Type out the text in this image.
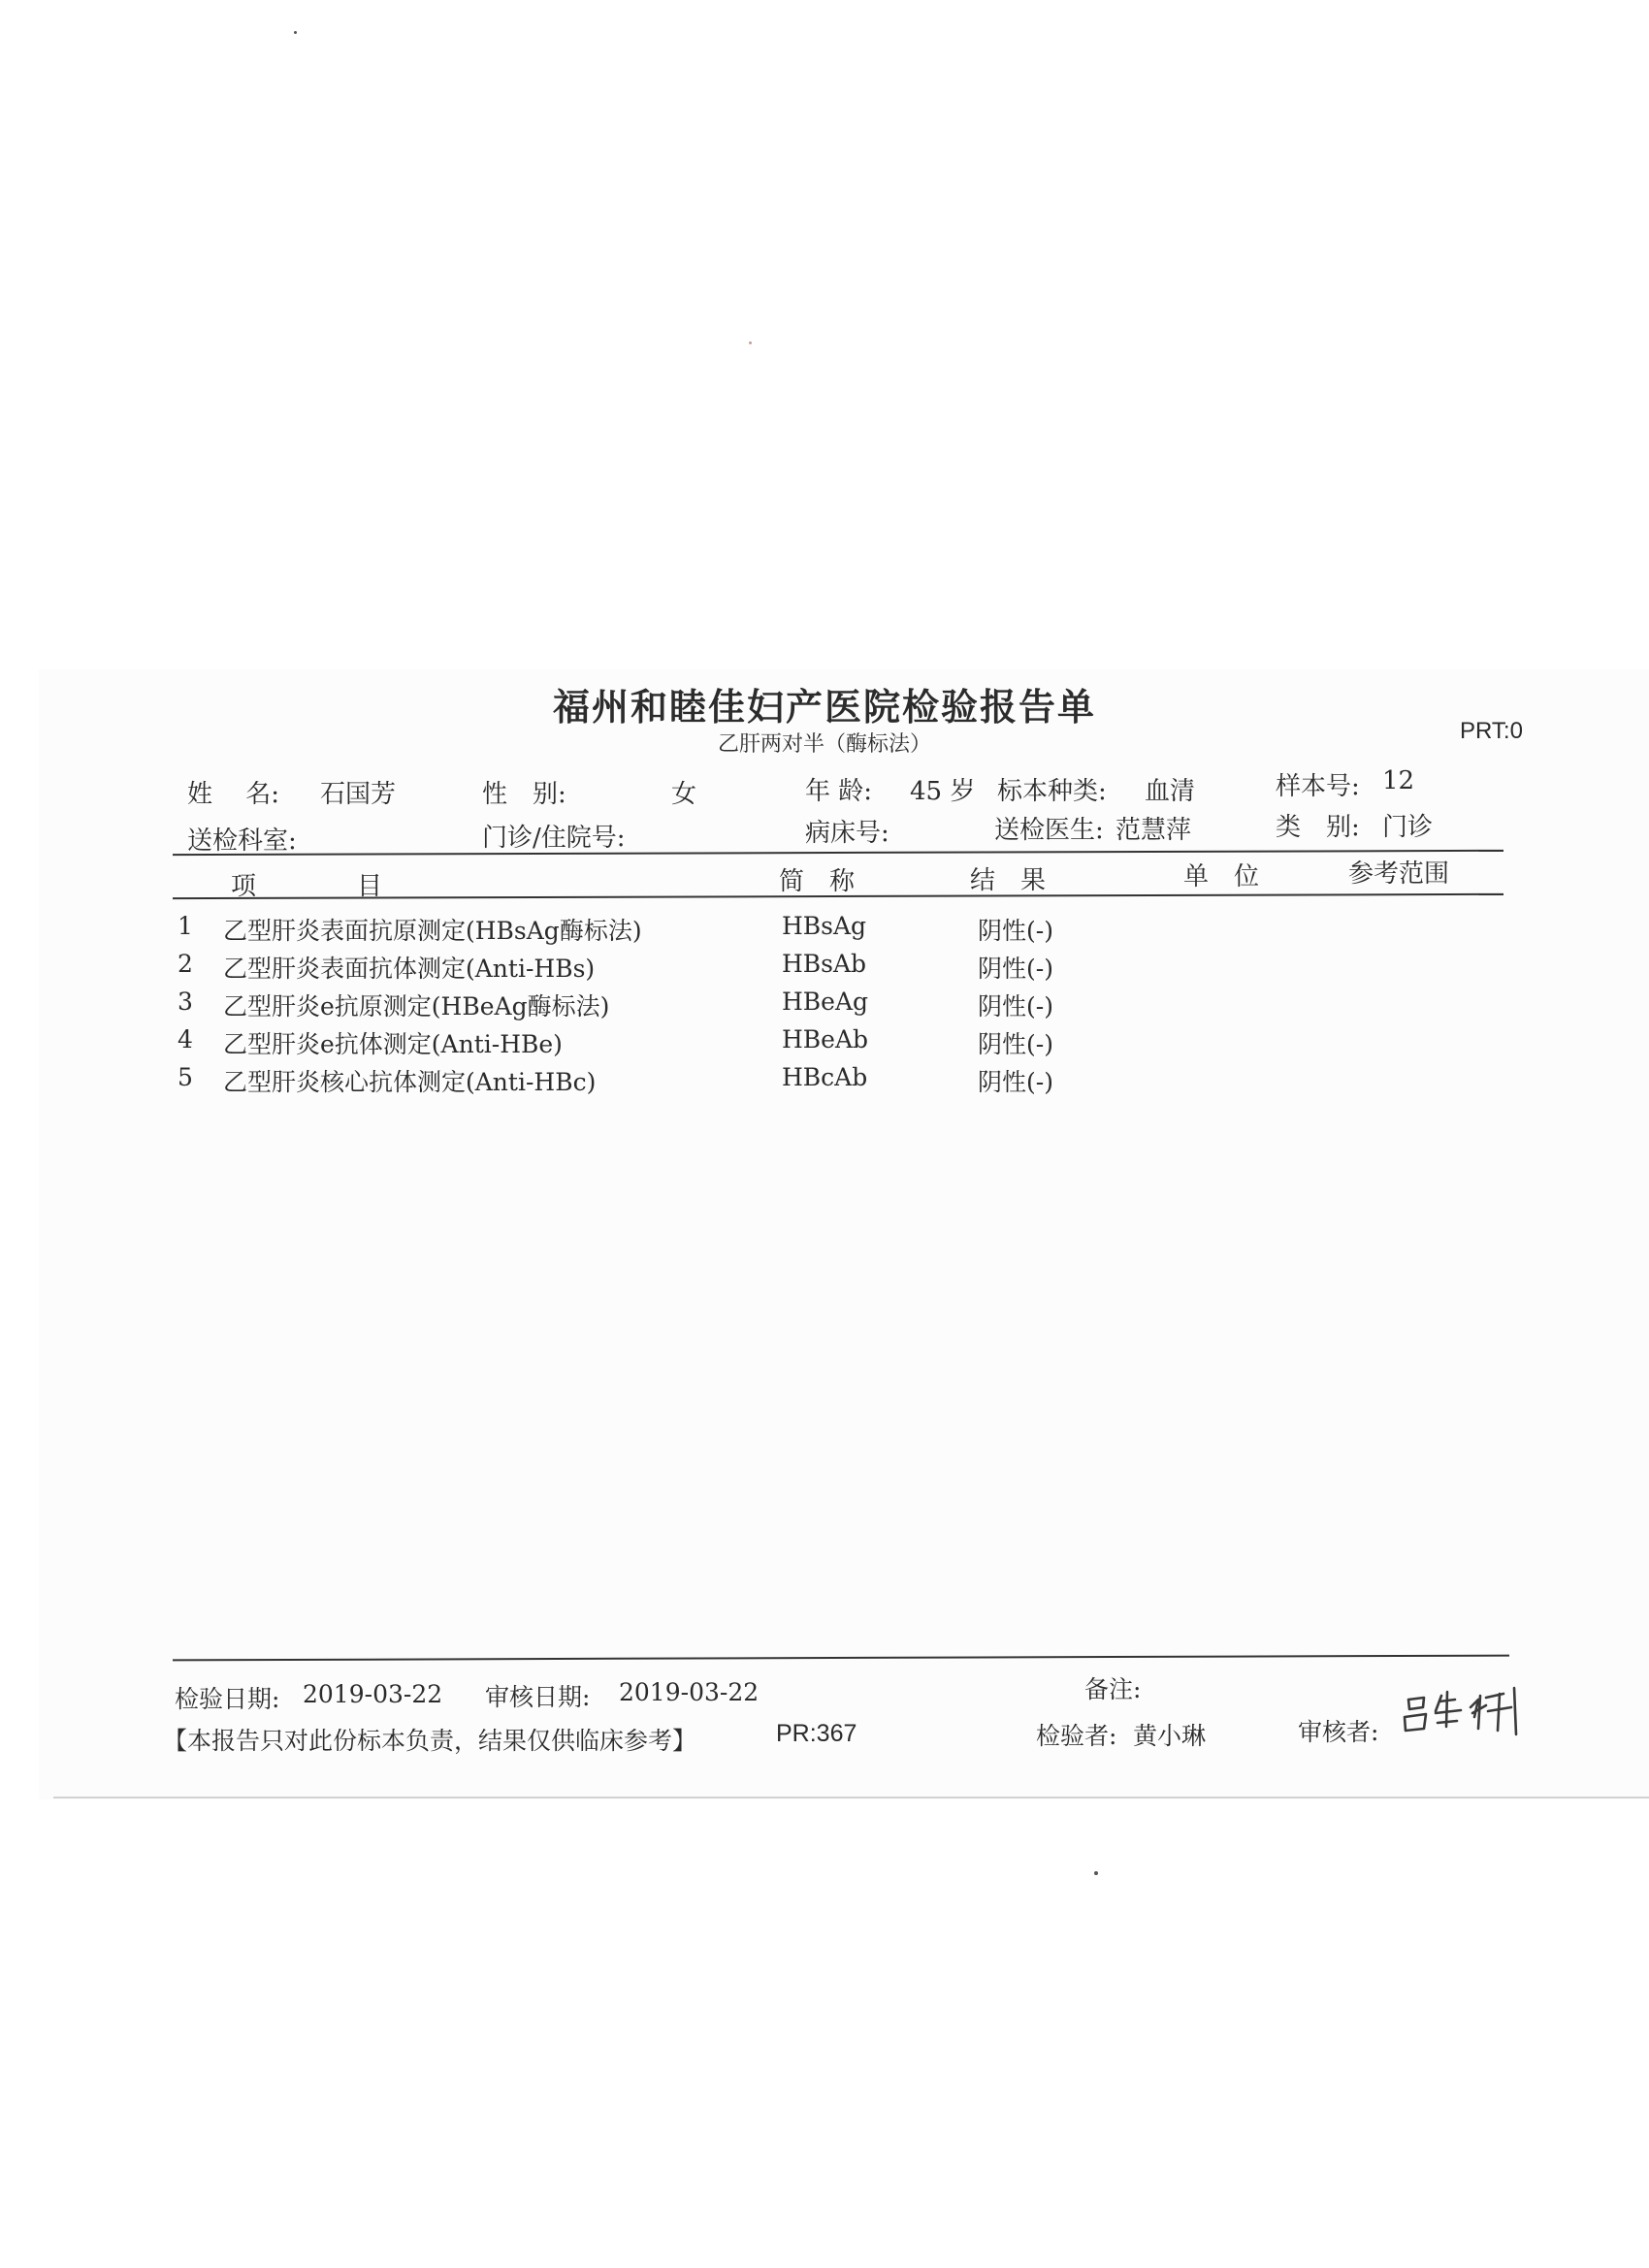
福州和睦佳妇产医院检验报告单
乙肝两对半（酶标法）
PRT:0
姓　 名: 石国芳	性　别:	女	年 龄: 45 岁 标本种类: 血清	样本号: 12
送检科室:	门诊/住院号:	病床号:	送检医生: 范慧萍	类　别: 门诊
项　　　　目	简　称	结　果	单　位	参考范围
1 乙型肝炎表面抗原测定(HBsAg酶标法)	HBsAg	阴性(-)
2 乙型肝炎表面抗体测定(Anti-HBs)	HBsAb	阴性(-)
3 乙型肝炎e抗原测定(HBeAg酶标法)	HBeAg	阴性(-)
4 乙型肝炎e抗体测定(Anti-HBe)	HBeAb	阴性(-)
5 乙型肝炎核心抗体测定(Anti-HBc)	HBcAb	阴性(-)
检验日期: 2019-03-22 审核日期: 2019-03-22	备注:
【本报告只对此份标本负责，结果仅供临床参考】	PR:367	检验者: 黄小琳	审核者:
